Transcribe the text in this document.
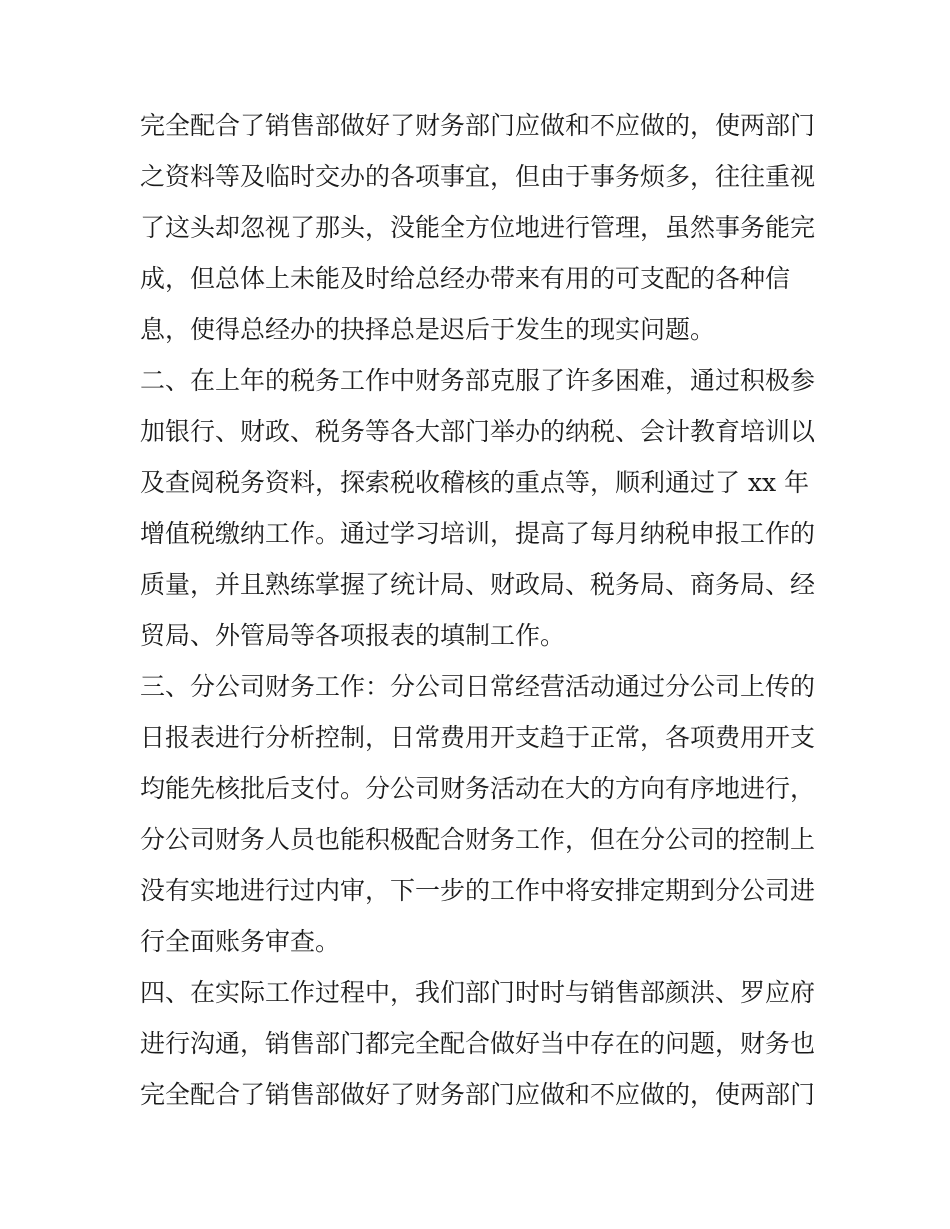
完全配合了销售部做好了财务部门应做和不应做的，使两部门
之资料等及临时交办的各项事宜，但由于事务烦多，往往重视
了这头却忽视了那头，没能全方位地进行管理，虽然事务能完
成，但总体上未能及时给总经办带来有用的可支配的各种信
息，使得总经办的抉择总是迟后于发生的现实问题。
二、在上年的税务工作中财务部克服了许多困难，通过积极参
加银行、财政、税务等各大部门举办的纳税、会计教育培训以
及查阅税务资料，探索税收稽核的重点等，顺利通过了 xx 年
增值税缴纳工作。通过学习培训，提高了每月纳税申报工作的
质量，并且熟练掌握了统计局、财政局、税务局、商务局、经
贸局、外管局等各项报表的填制工作。
三、分公司财务工作：分公司日常经营活动通过分公司上传的
日报表进行分析控制，日常费用开支趋于正常，各项费用开支
均能先核批后支付。分公司财务活动在大的方向有序地进行，
分公司财务人员也能积极配合财务工作，但在分公司的控制上
没有实地进行过内审，下一步的工作中将安排定期到分公司进
行全面账务审查。
四、在实际工作过程中，我们部门时时与销售部颜洪、罗应府
进行沟通，销售部门都完全配合做好当中存在的问题，财务也
完全配合了销售部做好了财务部门应做和不应做的，使两部门
